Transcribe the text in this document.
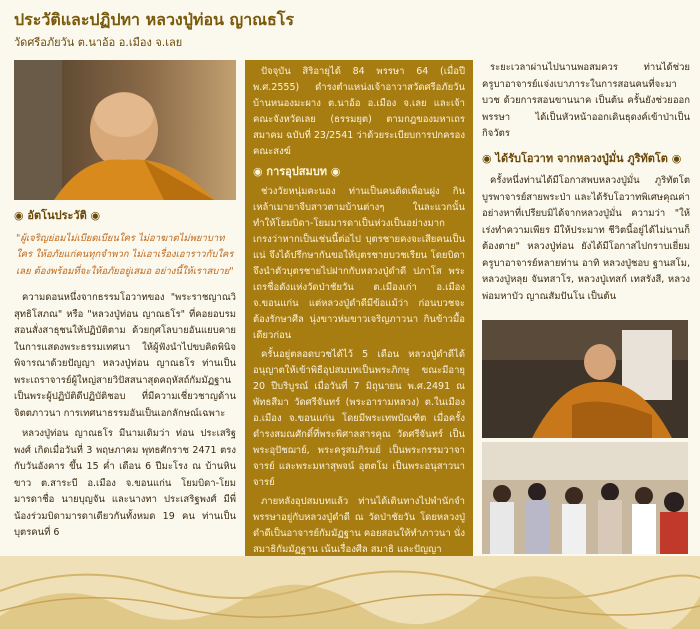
ประวัติและปฏิปทา หลวงปู่ท่อน ญาณธโร
วัดศรีอภัยวัน ต.นาอ้อ อ.เมือง จ.เลย
◉ อัตโนประวัติ ◉

"ผู้เจริญย่อมไม่เบียดเบียนใคร ไม่อาฆาตไม่พยาบาทใคร ให้อภัยแก่คนทุกจำพวก ไม่เอาเรื่องเอาราวกับใครเลย ต้องพร้อมที่จะให้อภัยอยู่เสมอ อย่างนี้ให้เราสบาย"

ความดอนหนึ่งจากธรรมโอวาทของ "พระราชญาณวิสุทธิโสภณ" หรือ "หลวงปู่ท่อน ญาณธโร" ที่คอยอบรมสอนสั่งสาธุชนให้ปฏิบัติตาม ด้วยกุศโลบายอันแยบคายในการแสดงพระธรรมเทศนา ให้ผู้ฟังนำไปขบคิดพินิจพิจารณาด้วยปัญญา หลวงปู่ท่อน ญาณธโร ท่านเป็นพระเถราจารย์ผู้ใหญ่สายวิปัสสนาสุดคฤหัสถ์กัมมัฏฐาน เป็นพระผู้ปฏิบัติดีปฏิบัติชอบ ที่มีความเชี่ยวชาญด้านจิตตภาวนา การเทศนาธรรมอันเป็นเอกลักษณ์เฉพาะ

หลวงปู่ท่อน ญาณธโร มีนามเดิมว่า ท่อน ประเสริฐพงศ์ เกิดเมื่อวันที่ 3 พฤษภาคม พุทธศักราช 2471 ตรงกับวันอังคาร ขึ้น 15 ค่ำ เดือน 6 ปีมะโรง ณ บ้านหินขาว ต.สาระบี อ.เมือง จ.ขอนแก่น โยมบิดา-โยมมารดาชื่อ นายบุญจัน และนางทา ประเสริฐพงศ์ มีพี่น้องร่วมบิดามารดาเดียวกันทั้งหมด 19 คน ท่านเป็นบุตรคนที่ 6

ปัจจุบัน สิริอายุได้ 84 พรรษา 64 (เมื่อปี พ.ศ.2555) ดำรงตำแหน่งเจ้าอาวาสวัดศรีอภัยวัน บ้านหนองมะผาง ต.นาอ้อ อ.เมือง จ.เลย และเจ้าคณะจังหวัดเลย (ธรรมยุต) ตามกฎของมหาเถรสมาคม ฉบับที่ 23/2541 ว่าด้วยระเบียบการปกครองคณะสงฆ์

◉ การอุปสมบท ◉

ช่วงวัยหนุ่มคะนอง ท่านเป็นคนติดเพื่อนฝูง กินเหล้าเมายาจีบสาวตามบ้านต่างๆ ในละแวกนั้น ทำให้โยมบิดา-โยมมารดาเป็นห่วงเป็นอย่างมาก เกรงว่าหากเป็นเช่นนี้ต่อไป บุตรชายคงจะเสียคนเป็นแน่ จึงได้ปรึกษากันขอให้บุตรชายบวชเรียน โดยบิดาจึงนำตัวบุตรชายไปฝากกับหลวงปู่ดำดี ปภาโส พระเถรชื่อดังแห่งวัดป่าชัยวัน ต.เมืองเก่า อ.เมือง จ.ขอนแก่น แต่หลวงปู่ดำดีมีข้อแม้ว่า ก่อนบวชจะต้องรักษาศีล นุ่งขาวห่มขาวเจริญภาวนา กินข้าวมื้อเดียวก่อน

ครั้นอยู่ตลอดบวชได้ไว้ 5 เดือน หลวงปู่ดำดีได้อนุญาตให้เข้าพิธีอุปสมบทเป็นพระภิกษุ ขณะมีอายุ 20 ปีบริบูรณ์ เมื่อวันที่ 7 มิถุนายน พ.ศ.2491 ณ พัทธสีมา วัดศรีจันทร์ (พระอารามหลวง) ต.ในเมือง อ.เมือง จ.ขอนแก่น โดยมีพระเทพบัณฑิต เมื่อครั้งดำรงสมณศักดิ์ที่พระพิศาลสารคุณ วัดศรีจันทร์ เป็นพระอุปัชฌาย์, พระครูสมภิรมย์ เป็นพระกรรมวาจาจารย์ และพระมหาสุพจน์ อุตตโม เป็นพระอนุสาวนาจารย์

ภายหลังอุปสมบทแล้ว ท่านได้เดินทางไปพำนักจำพรรษาอยู่กับหลวงปู่ดำดี ณ วัดป่าชัยวัน โดยหลวงปู่ดำดีเป็นอาจารย์กัมมัฏฐาน คอยสอนให้ทำภาวนา นั่งสมาธิกัมมัฏฐาน เน้นเรื่องศีล สมาธิ และปัญญา

ระยะเวลาผ่านไปนานพอสมควร ท่านได้ช่วยครูบาอาจารย์แจ่งเบาภาระในการสอนคนที่จะมาบวช ด้วยการสอนขานนาค เป็นต้น ครั้นยังช่วยออกพรรษา ได้เป็นหัวหน้าออกเดินธุดงค์เข้าป่าเป็นกิจวัตร

◉ ได้รับโอวาท จากหลวงปู่มั่น ภูริทัตโต ◉

ครั้งหนึ่งท่านได้มีโอกาสพบหลวงปู่มั่น ภูริทัตโต บูรพาจารย์สายพระป่า และได้รับโอวาทพิเศษคุณค่า อย่างหาที่เปรียบมิได้จากหลวงปู่มั่น ความว่า "ให้เร่งทำความเพียร มีให้ประมาท ชีวิตนี้อยู่ได้ไม่นานก็ต้องตาย" หลวงปู่ท่อน ยังได้มีโอกาสไปกราบเยี่ยมครูบาอาจารย์หลายท่าน อาทิ หลวงปู่ชอบ ฐานสโม, หลวงปู่หลุย จันทสาโร, หลวงปู่เทสก์ เทสรังสี, หลวงพ่อมหาบัว ญาณสัมปันโน เป็นต้น
